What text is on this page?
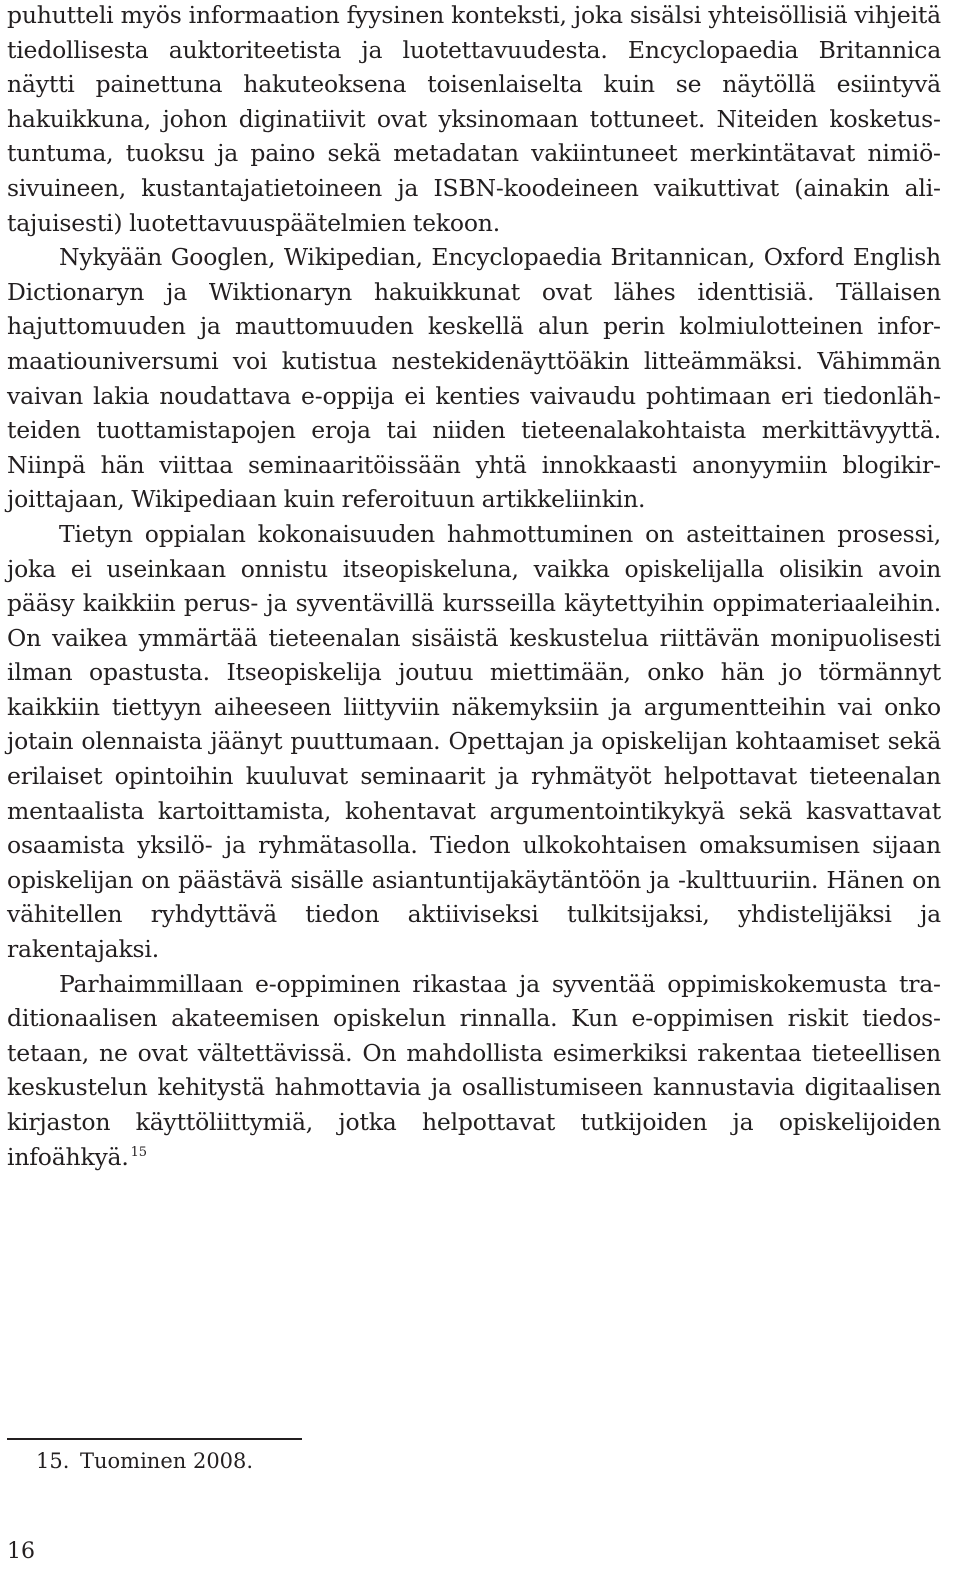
puhutteli myös informaation fyysinen konteksti, joka sisälsi yhteisöllisiä vihjeitä tiedollisesta auktoriteetista ja luotettavuudesta. Encyclopaedia Britannica näytti painettuna hakuteoksena toisenlaiselta kuin se näytöllä esiintyvä hakuikkuna, johon diginatiivit ovat yksinomaan tottuneet. Niteiden kosketustuntuma, tuoksu ja paino sekä metadatan vakiintuneet merkintätavat nimiösivuineen, kustantajatietoineen ja ISBN-koodeineen vaikuttivat (ainakin alitajuisesti) luotettavuuspäätelmien tekoon.

Nykyään Googlen, Wikipedian, Encyclopaedia Britannican, Oxford English Dictionaryn ja Wiktionaryn hakuikkunat ovat lähes identtisiä. Tällaisen hajuttomuuden ja mauttomuuden keskellä alun perin kolmiulotteinen informaatiouniversumi voi kutistua nestekidenäyttöäkin litteämmäksi. Vähimmän vaivan lakia noudattava e-oppija ei kenties vaivaudu pohtimaan eri tiedonlähteiden tuottamistapojen eroja tai niiden tieteenalakohtaista merkittävyyttä. Niinpä hän viittaa seminaaritöissään yhtä innokkaasti anonyymiin blogikirjoittajaan, Wikipediaan kuin referoituun artikkeliinkin.

Tietyn oppialan kokonaisuuden hahmottuminen on asteittainen prosessi, joka ei useinkaan onnistu itseopiskeluna, vaikka opiskelijalla olisikin avoin pääsy kaikkiin perus- ja syventävillä kursseilla käytettyihin oppimateriaaleihin. On vaikea ymmärtää tieteenalan sisäistä keskustelua riittävän monipuolisesti ilman opastusta. Itseopiskelija joutuu miettimään, onko hän jo törmännyt kaikkiin tiettyyn aiheeseen liittyviin näkemyksiin ja argumentteihin vai onko jotain olennaista jäänyt puuttumaan. Opettajan ja opiskelijan kohtaamiset sekä erilaiset opintoihin kuuluvat seminaarit ja ryhmätyöt helpottavat tieteenalan mentaalista kartoittamista, kohentavat argumentointikykyä sekä kasvattavat osaamista yksilö- ja ryhmätasolla. Tiedon ulkokohtaisen omaksumisen sijaan opiskelijan on päästävä sisälle asiantuntijakäytäntöön ja -kulttuuriin. Hänen on vähitellen ryhdyttävä tiedon aktiiviseksi tulkitsijaksi, yhdistelijäksi ja rakentajaksi.

Parhaimmillaan e-oppiminen rikastaa ja syventää oppimiskokemusta traditionaalisen akateemisen opiskelun rinnalla. Kun e-oppimisen riskit tiedostetaan, ne ovat vältettävissä. On mahdollista esimerkiksi rakentaa tieteellisen keskustelun kehitystä hahmottavia ja osallistumiseen kannustavia digitaalisen kirjaston käyttöliittymiä, jotka helpottavat tutkijoiden ja opiskelijoiden infoähkyä. $^{15}$

15. Tuominen 2008.
16
